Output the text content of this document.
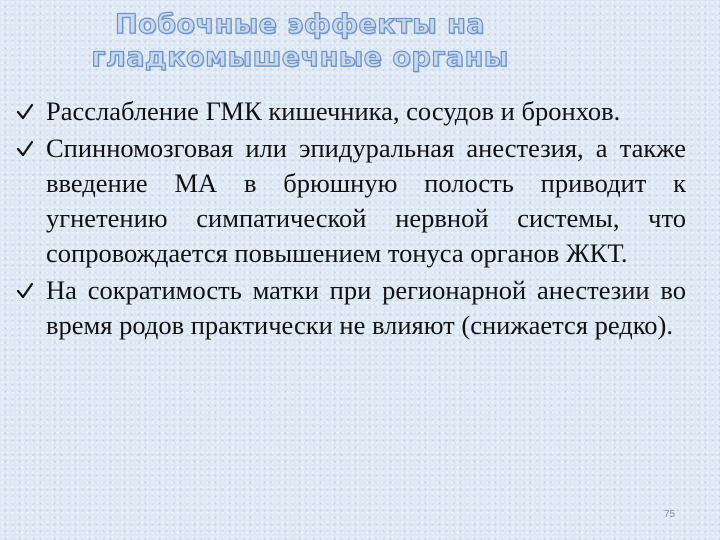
Побочные эффекты на
гладкомышечные органы
Расслабление ГМК кишечника, сосудов и бронхов.
Спинномозговая или эпидуральная анестезия, а также введение МА в брюшную полость приводит к угнетению симпатической нервной системы, что сопровождается повышением тонуса органов ЖКТ.
На сократимость матки при регионарной анестезии во время родов практически не влияют (снижается редко).
75
